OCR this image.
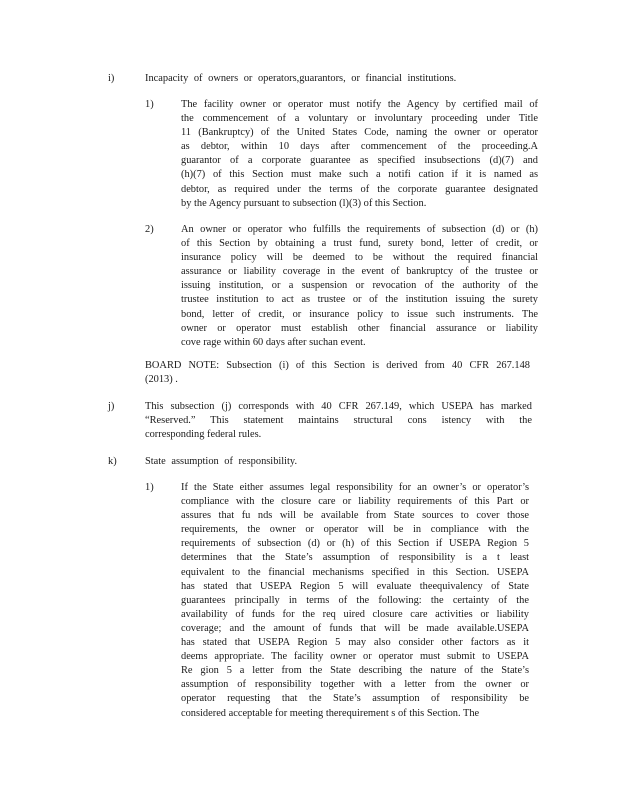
i)	Incapacity of owners or operators,guarantors, or financial institutions.
1)	The facility owner or operator must notify the Agency by certified mail of
the commencement of a voluntary or involuntary proceeding under Title
11 (Bankruptcy) of the United States Code, naming the owner or operator
as debtor, within 10 days after commencement of the proceeding.A
guarantor of a corporate guarantee as specified insubsections (d)(7) and
(h)(7) of this Section must make such a notifi cation if it is named as
debtor, as required under the terms of the corporate guarantee designated
by the Agency pursuant to subsection (l)(3) of this Section.
2)	An owner or operator who fulfills the requirements of subsection (d) or (h)
of this Section by obtaining a trust fund, surety bond, letter of credit, or
insurance policy will be deemed to be without the required financial
assurance or liability coverage in the event of bankruptcy of the trustee or
issuing institution, or a suspension or revocation of the authority of the
trustee institution to act as trustee or of the institution issuing the surety
bond, letter of credit, or insurance policy to issue such instruments. The
owner or operator must establish other financial assurance or liability
cove rage within 60 days after suchan event.
BOARD NOTE: Subsection (i) of this Section is derived from 40 CFR 267.148
(2013) .
j)	This subsection (j) corresponds with 40 CFR 267.149, which USEPA has marked
“Reserved.” This statement maintains structural cons istency with the
corresponding federal rules.
k)	State assumption of responsibility.
1)	If the State either assumes legal responsibility for an owner’s or operator’s
compliance with the closure care or liability requirements of this Part or
assures that fu nds will be available from State sources to cover those
requirements, the owner or operator will be in compliance with the
requirements of subsection (d) or (h) of this Section if USEPA Region 5
determines that the State’s assumption of responsibility is a t least
equivalent to the financial mechanisms specified in this Section. USEPA
has stated that USEPA Region 5 will evaluate theequivalency of State
guarantees principally in terms of the following: the certainty of the
availability of funds for the req uired closure care activities or liability
coverage; and the amount of funds that will be made available.USEPA
has stated that USEPA Region 5 may also consider other factors as it
deems appropriate. The facility owner or operator must submit to USEPA
Re gion 5 a letter from the State describing the nature of the State’s
assumption of responsibility together with a letter from the owner or
operator requesting that the State’s assumption of responsibility be
considered acceptable for meeting therequirement s of this Section. The
